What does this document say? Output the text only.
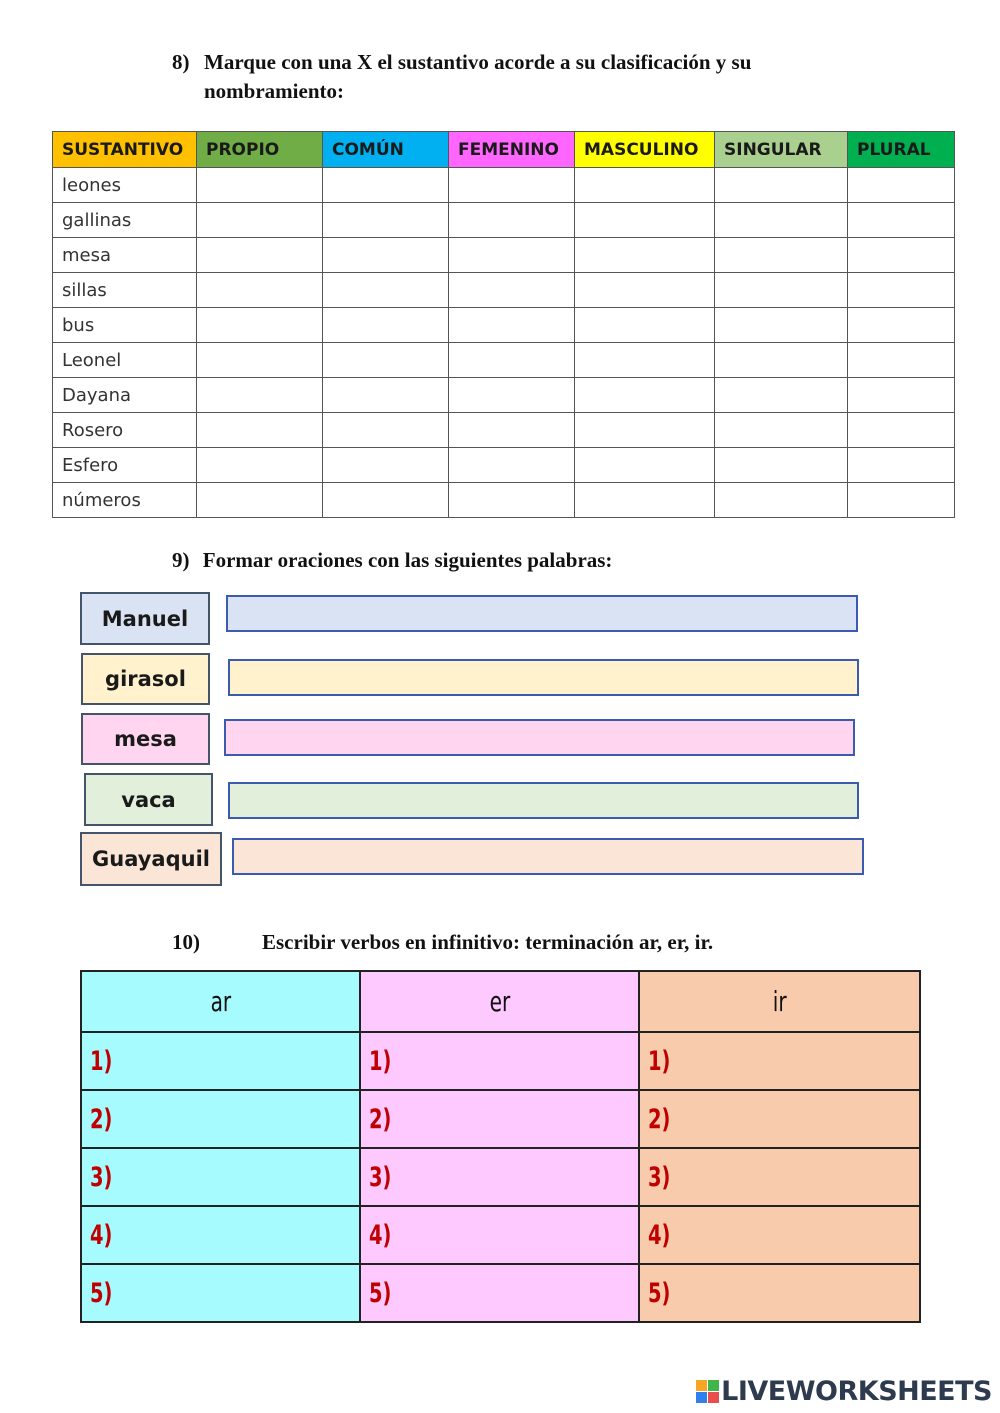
8) Marque con una X el sustantivo acorde a su clasificación y su
nombramiento:
SUSTANTIVO	PROPIO	COMÚN	FEMENINO	MASCULINO	SINGULAR	PLURAL
leones						
gallinas						
mesa						
sillas						
bus						
Leonel						
Dayana						
Rosero						
Esfero						
números						
9) Formar oraciones con las siguientes palabras:
Manuel
girasol
mesa
vaca
Guayaquil
10)	Escribir verbos en infinitivo: terminación ar, er, ir.
ar	er	ir
1)	1)	1)
2)	2)	2)
3)	3)	3)
4)	4)	4)
5)	5)	5)
LIVEWORKSHEETS
